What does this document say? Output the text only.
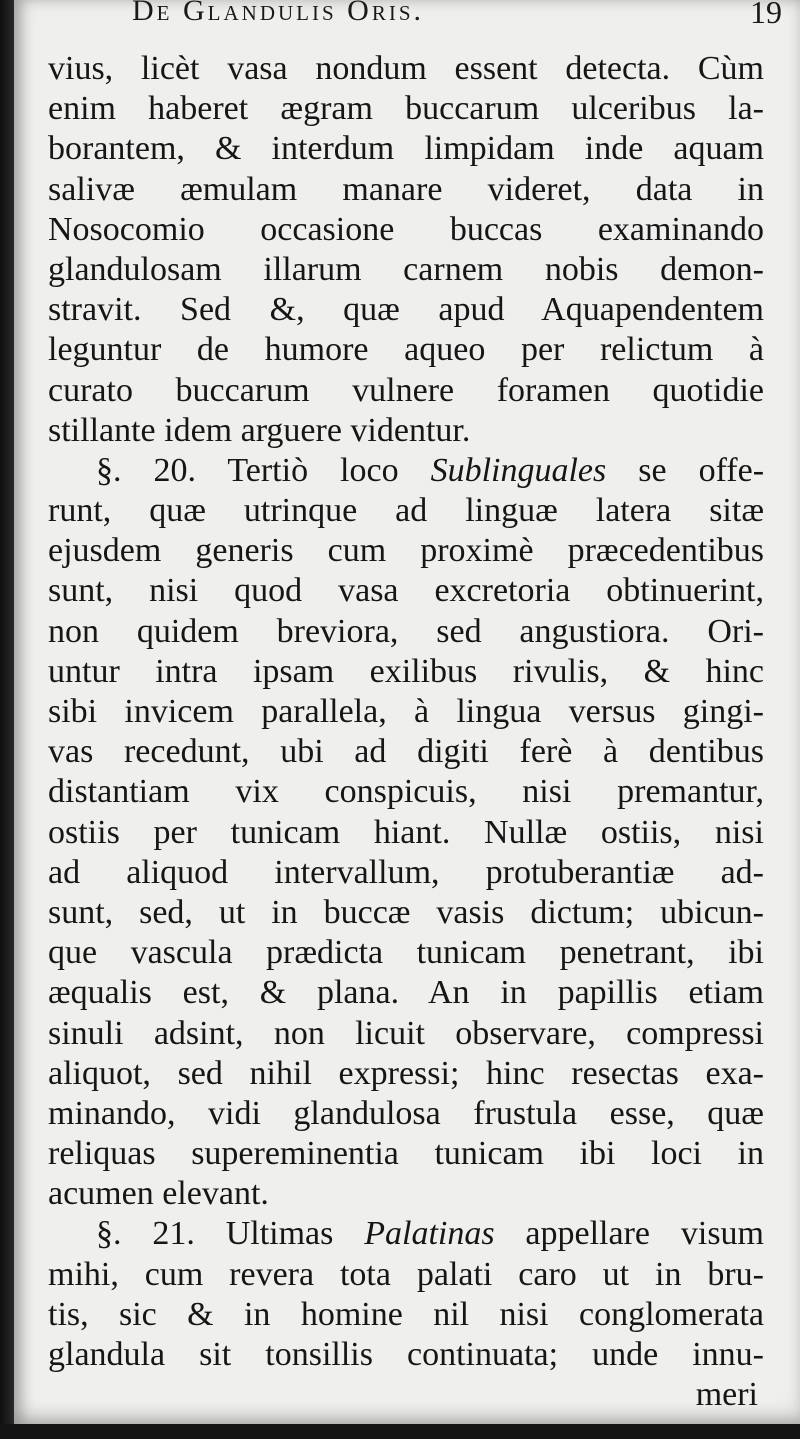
De Glandulis Oris.	19
vius, licèt vasa nondum essent detecta. Cùm
enim haberet ægram buccarum ulceribus la-
borantem, & interdum limpidam inde aquam
salivæ æmulam manare videret, data in
Nosocomio occasione buccas examinando
glandulosam illarum carnem nobis demon-
stravit. Sed &, quæ apud Aquapendentem
leguntur de humore aqueo per relictum à
curato buccarum vulnere foramen quotidie
stillante idem arguere videntur.
§. 20. Tertiò loco Sublinguales se offe-
runt, quæ utrinque ad linguæ latera sitæ
ejusdem generis cum proximè præcedentibus
sunt, nisi quod vasa excretoria obtinuerint,
non quidem breviora, sed angustiora. Ori-
untur intra ipsam exilibus rivulis, & hinc
sibi invicem parallela, à lingua versus gingi-
vas recedunt, ubi ad digiti ferè à dentibus
distantiam vix conspicuis, nisi premantur,
ostiis per tunicam hiant. Nullæ ostiis, nisi
ad aliquod intervallum, protuberantiæ ad-
sunt, sed, ut in buccæ vasis dictum; ubicun-
que vascula prædicta tunicam penetrant, ibi
æqualis est, & plana. An in papillis etiam
sinuli adsint, non licuit observare, compressi
aliquot, sed nihil expressi; hinc resectas exa-
minando, vidi glandulosa frustula esse, quæ
reliquas supereminentia tunicam ibi loci in
acumen elevant.
§. 21. Ultimas Palatinas appellare visum
mihi, cum revera tota palati caro ut in bru-
tis, sic & in homine nil nisi conglomerata
glandula sit tonsillis continuata; unde innu-
meri
